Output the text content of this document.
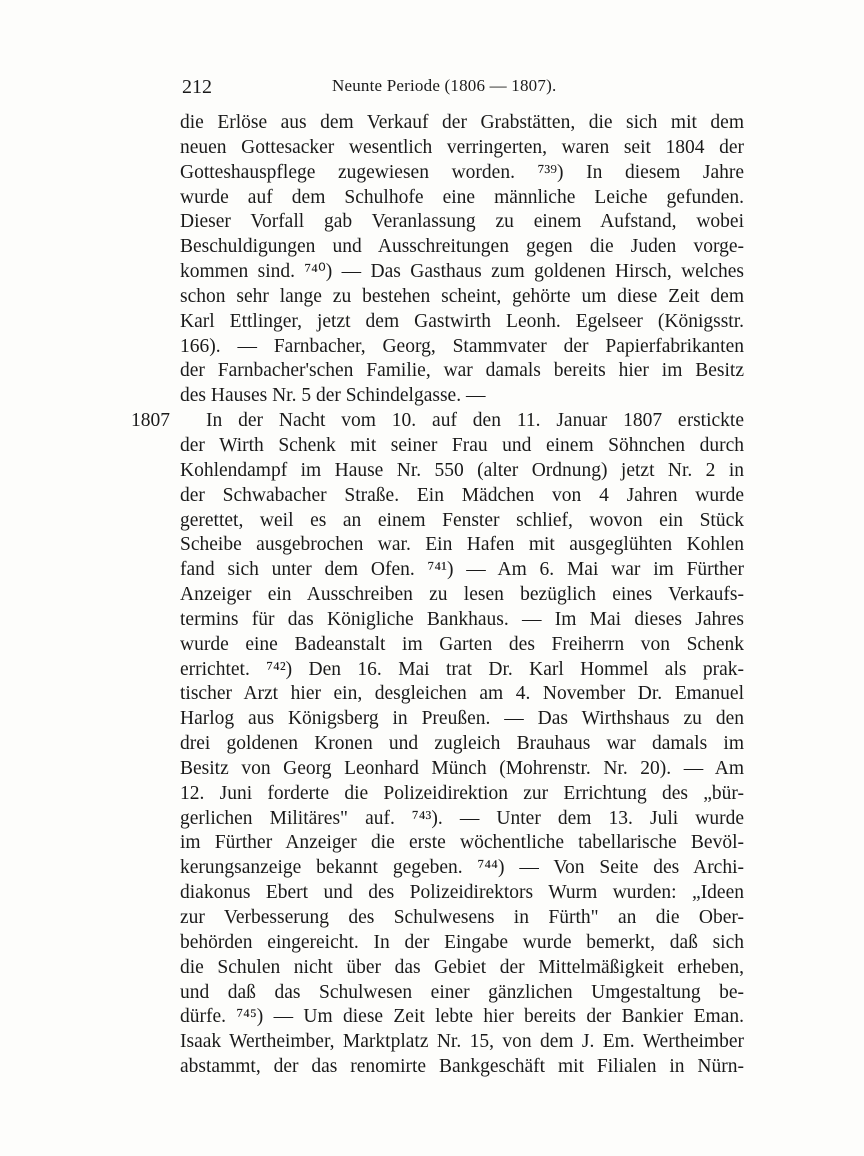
212	Neunte Periode (1806 — 1807).
1807
die Erlöse aus dem Verkauf der Grabstätten, die sich mit dem
neuen Gottesacker wesentlich verringerten, waren seit 1804 der
Gotteshauspflege zugewiesen worden. ⁷³⁹) In diesem Jahre
wurde auf dem Schulhofe eine männliche Leiche gefunden.
Dieser Vorfall gab Veranlassung zu einem Aufstand, wobei
Beschuldigungen und Ausschreitungen gegen die Juden vorge-
kommen sind. ⁷⁴⁰) — Das Gasthaus zum goldenen Hirsch, welches
schon sehr lange zu bestehen scheint, gehörte um diese Zeit dem
Karl Ettlinger, jetzt dem Gastwirth Leonh. Egelseer (Königsstr.
166). — Farnbacher, Georg, Stammvater der Papierfabrikanten
der Farnbacher'schen Familie, war damals bereits hier im Besitz
des Hauses Nr. 5 der Schindelgasse. —
In der Nacht vom 10. auf den 11. Januar 1807 erstickte
der Wirth Schenk mit seiner Frau und einem Söhnchen durch
Kohlendampf im Hause Nr. 550 (alter Ordnung) jetzt Nr. 2 in
der Schwabacher Straße. Ein Mädchen von 4 Jahren wurde
gerettet, weil es an einem Fenster schlief, wovon ein Stück
Scheibe ausgebrochen war. Ein Hafen mit ausgeglühten Kohlen
fand sich unter dem Ofen. ⁷⁴¹) — Am 6. Mai war im Fürther
Anzeiger ein Ausschreiben zu lesen bezüglich eines Verkaufs-
termins für das Königliche Bankhaus. — Im Mai dieses Jahres
wurde eine Badeanstalt im Garten des Freiherrn von Schenk
errichtet. ⁷⁴²) Den 16. Mai trat Dr. Karl Hommel als prak-
tischer Arzt hier ein, desgleichen am 4. November Dr. Emanuel
Harlog aus Königsberg in Preußen. — Das Wirthshaus zu den
drei goldenen Kronen und zugleich Brauhaus war damals im
Besitz von Georg Leonhard Münch (Mohrenstr. Nr. 20). — Am
12. Juni forderte die Polizeidirektion zur Errichtung des „bür-
gerlichen Militäres" auf. ⁷⁴³). — Unter dem 13. Juli wurde
im Fürther Anzeiger die erste wöchentliche tabellarische Bevöl-
kerungsanzeige bekannt gegeben. ⁷⁴⁴) — Von Seite des Archi-
diakonus Ebert und des Polizeidirektors Wurm wurden: „Ideen
zur Verbesserung des Schulwesens in Fürth" an die Ober-
behörden eingereicht. In der Eingabe wurde bemerkt, daß sich
die Schulen nicht über das Gebiet der Mittelmäßigkeit erheben,
und daß das Schulwesen einer gänzlichen Umgestaltung be-
dürfe. ⁷⁴⁵) — Um diese Zeit lebte hier bereits der Bankier Eman.
Isaak Wertheimber, Marktplatz Nr. 15, von dem J. Em. Wertheimber
abstammt, der das renomirte Bankgeschäft mit Filialen in Nürn-
